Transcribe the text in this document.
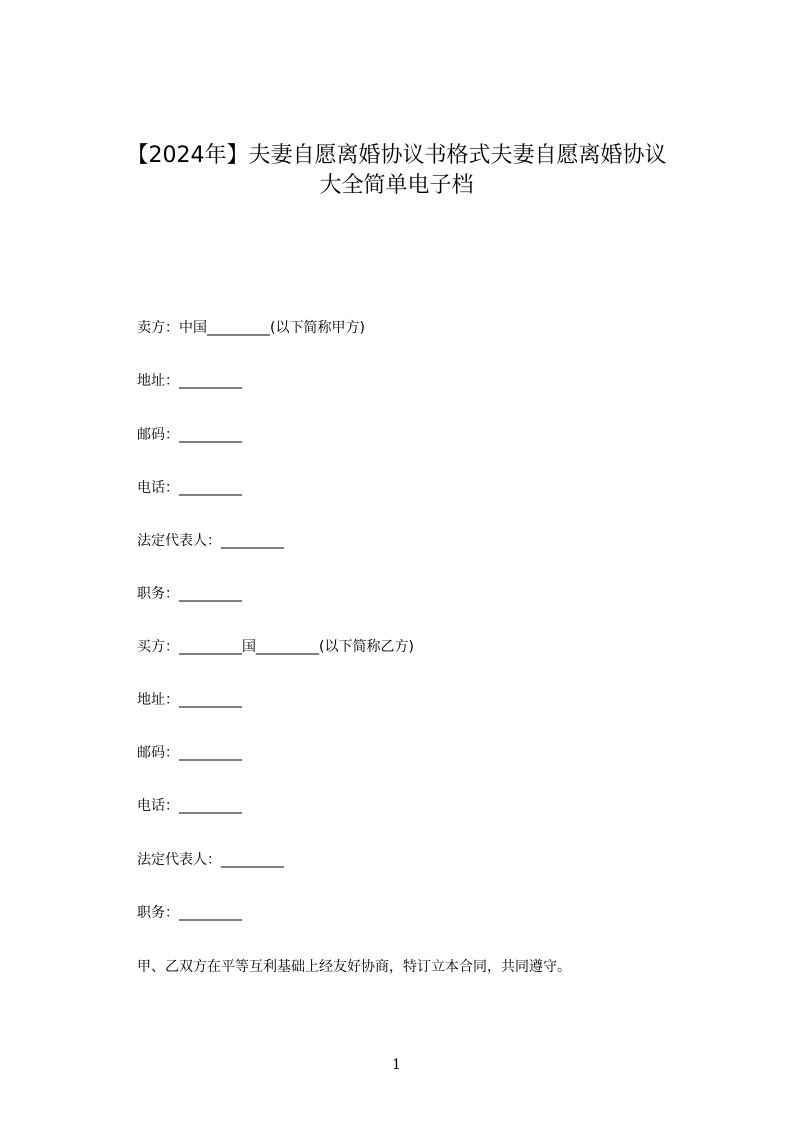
【2024年】夫妻自愿离婚协议书格式夫妻自愿离婚协议
大全简单电子档
卖方：中国_________(以下简称甲方)
地址：_________
邮码：_________
电话：_________
法定代表人：_________
职务：_________
买方：_________国_________(以下简称乙方)
地址：_________
邮码：_________
电话：_________
法定代表人：_________
职务：_________
甲、乙双方在平等互利基础上经友好协商，特订立本合同，共同遵守。
1
